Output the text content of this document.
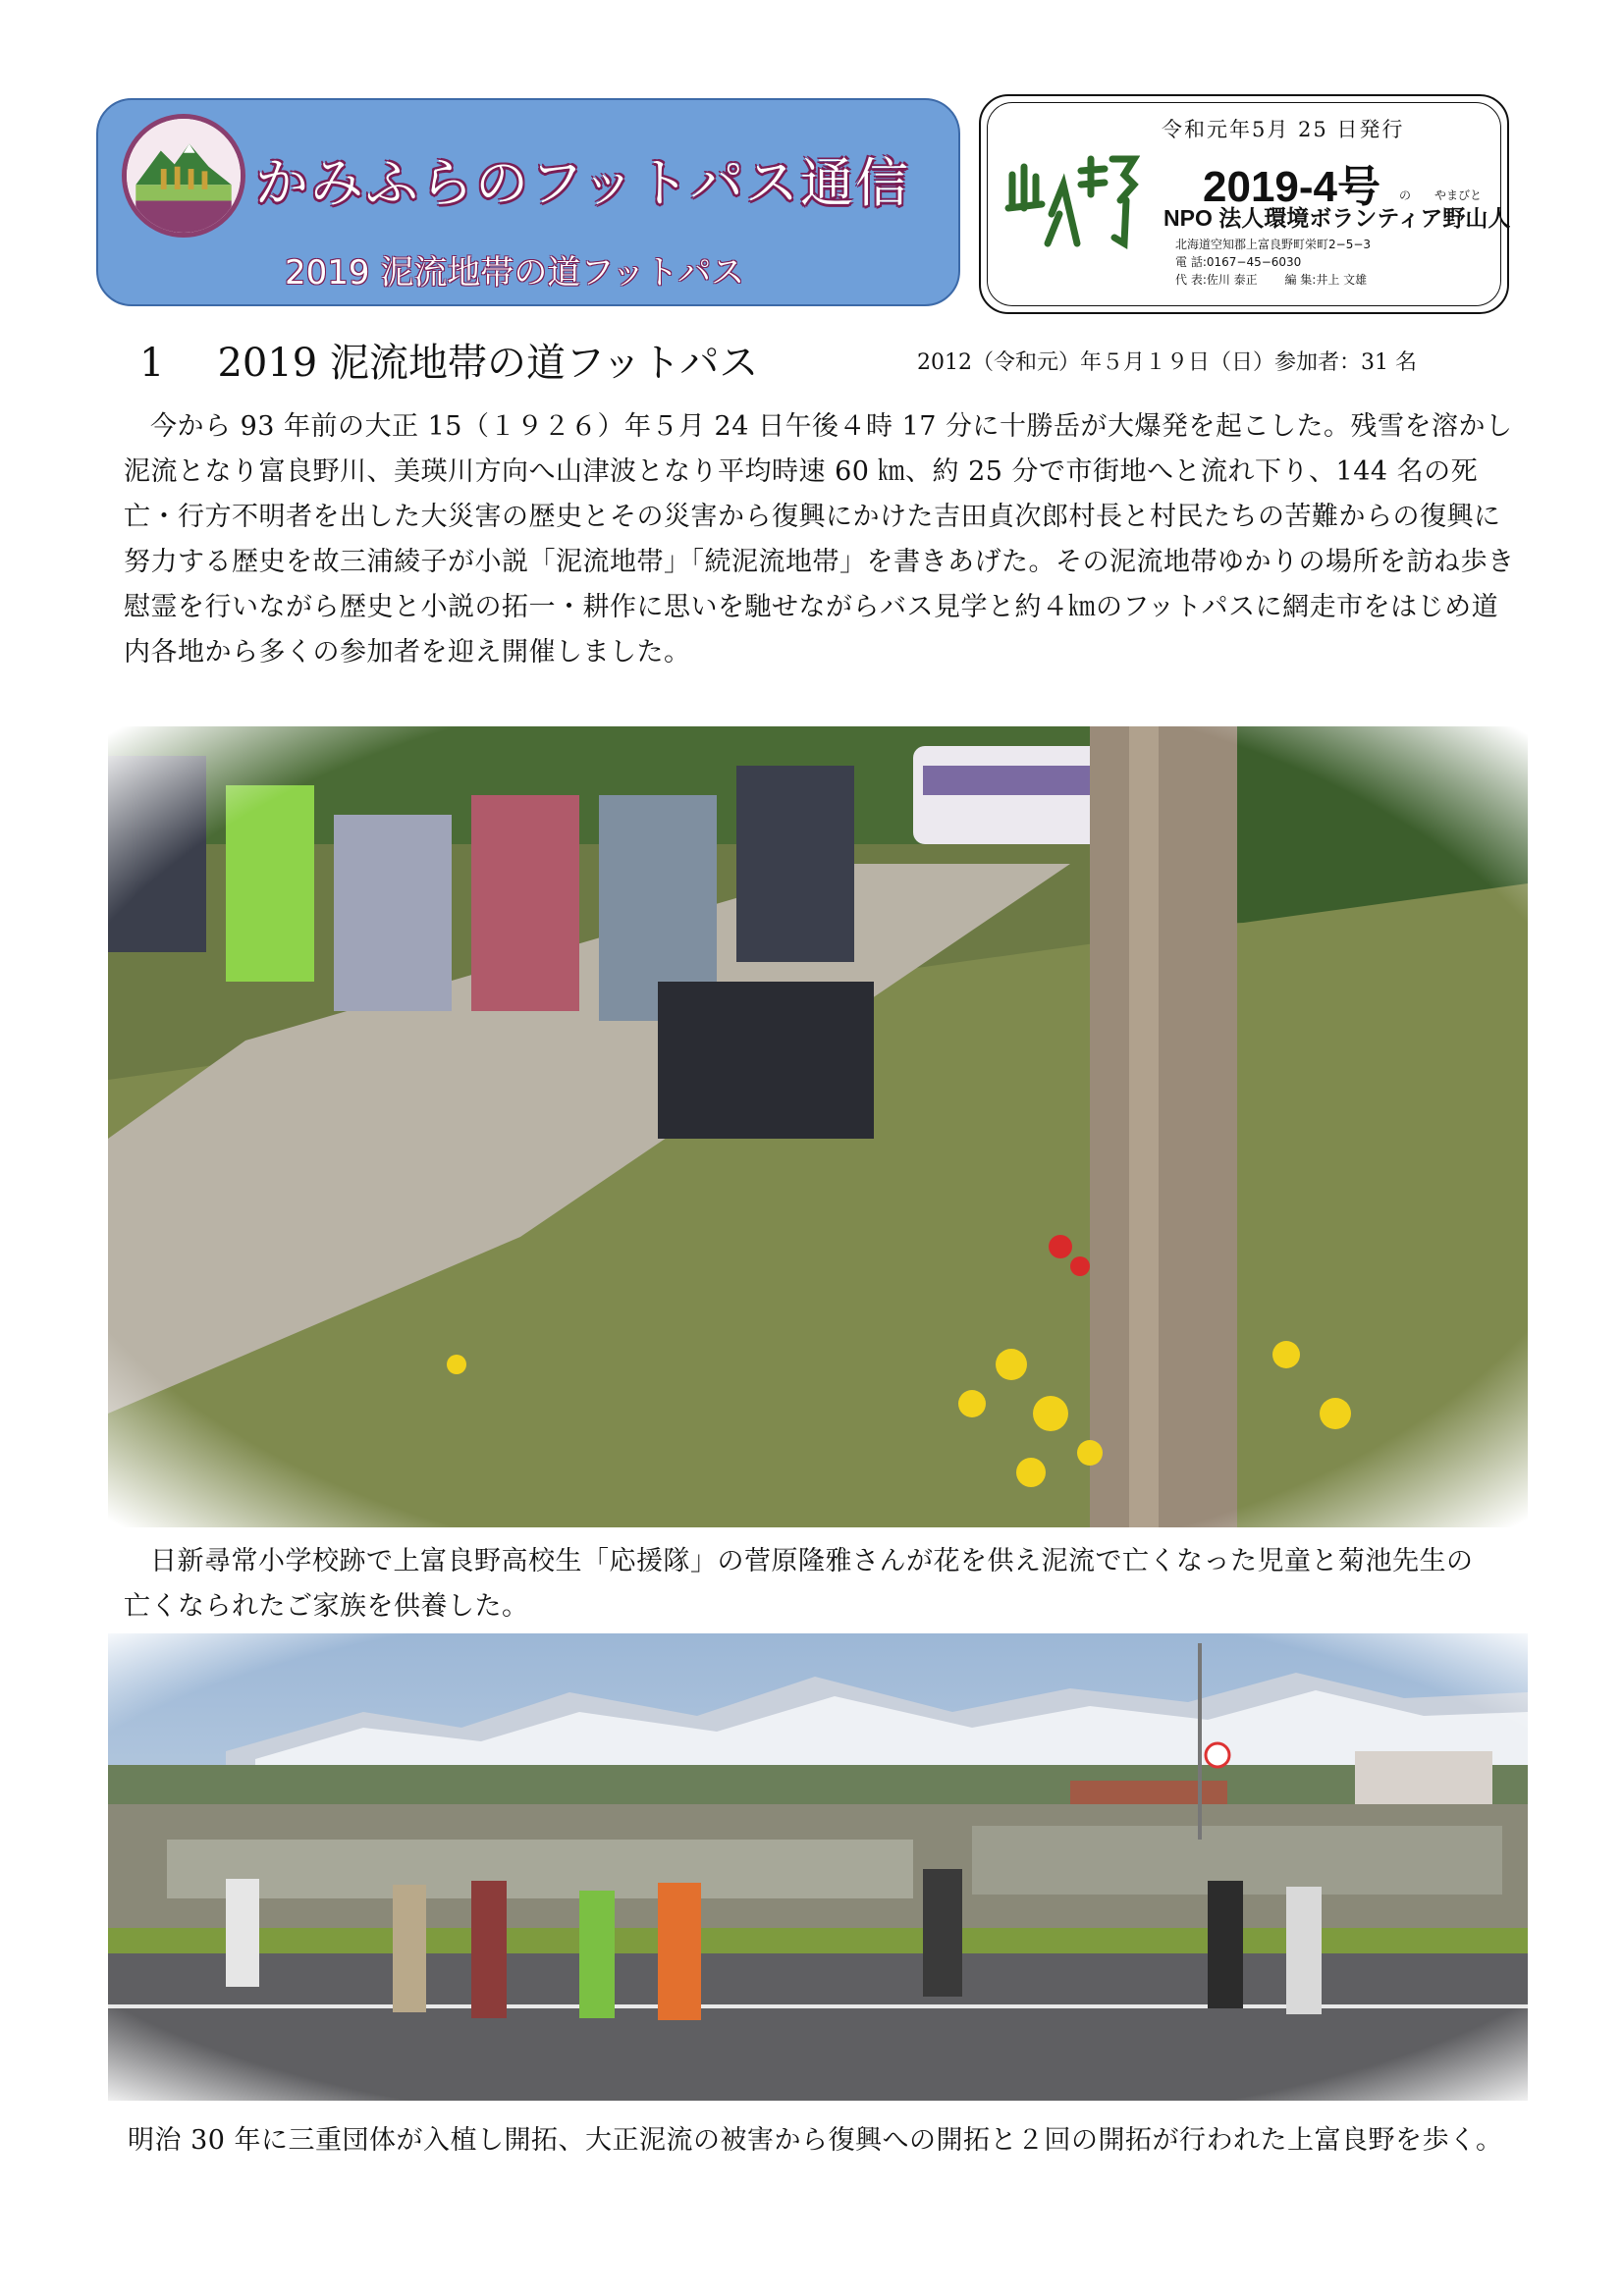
かみふらのフットパス通信

2019 泥流地帯の道フットパス

令和元年5月 25 日発行
2019-4号 の やまびと
NPO 法人環境ボランティア野山人
北海道空知郡上富良野町栄町2−5−3
電 話:0167−45−6030
代 表:佐川 泰正　　 編 集:井上 文雄
1 2019 泥流地帯の道フットパス	2012（令和元）年５月１９日（日）参加者：31 名

今から 93 年前の大正 15（１９２６）年５月 24 日午後４時 17 分に十勝岳が大爆発を起こした。残雪を溶かし泥流となり富良野川、美瑛川方向へ山津波となり平均時速 60 ㎞、約 25 分で市街地へと流れ下り、144 名の死亡・行方不明者を出した大災害の歴史とその災害から復興にかけた吉田貞次郎村長と村民たちの苦難からの復興に努力する歴史を故三浦綾子が小説「泥流地帯」「続泥流地帯」を書きあげた。その泥流地帯ゆかりの場所を訪ね歩き慰霊を行いながら歴史と小説の拓一・耕作に思いを馳せながらバス見学と約４㎞のフットパスに網走市をはじめ道内各地から多くの参加者を迎え開催しました。

日新尋常小学校跡で上富良野高校生「応援隊」の菅原隆雅さんが花を供え泥流で亡くなった児童と菊池先生の亡くなられたご家族を供養した。

明治 30 年に三重団体が入植し開拓、大正泥流の被害から復興への開拓と２回の開拓が行われた上富良野を歩く。
